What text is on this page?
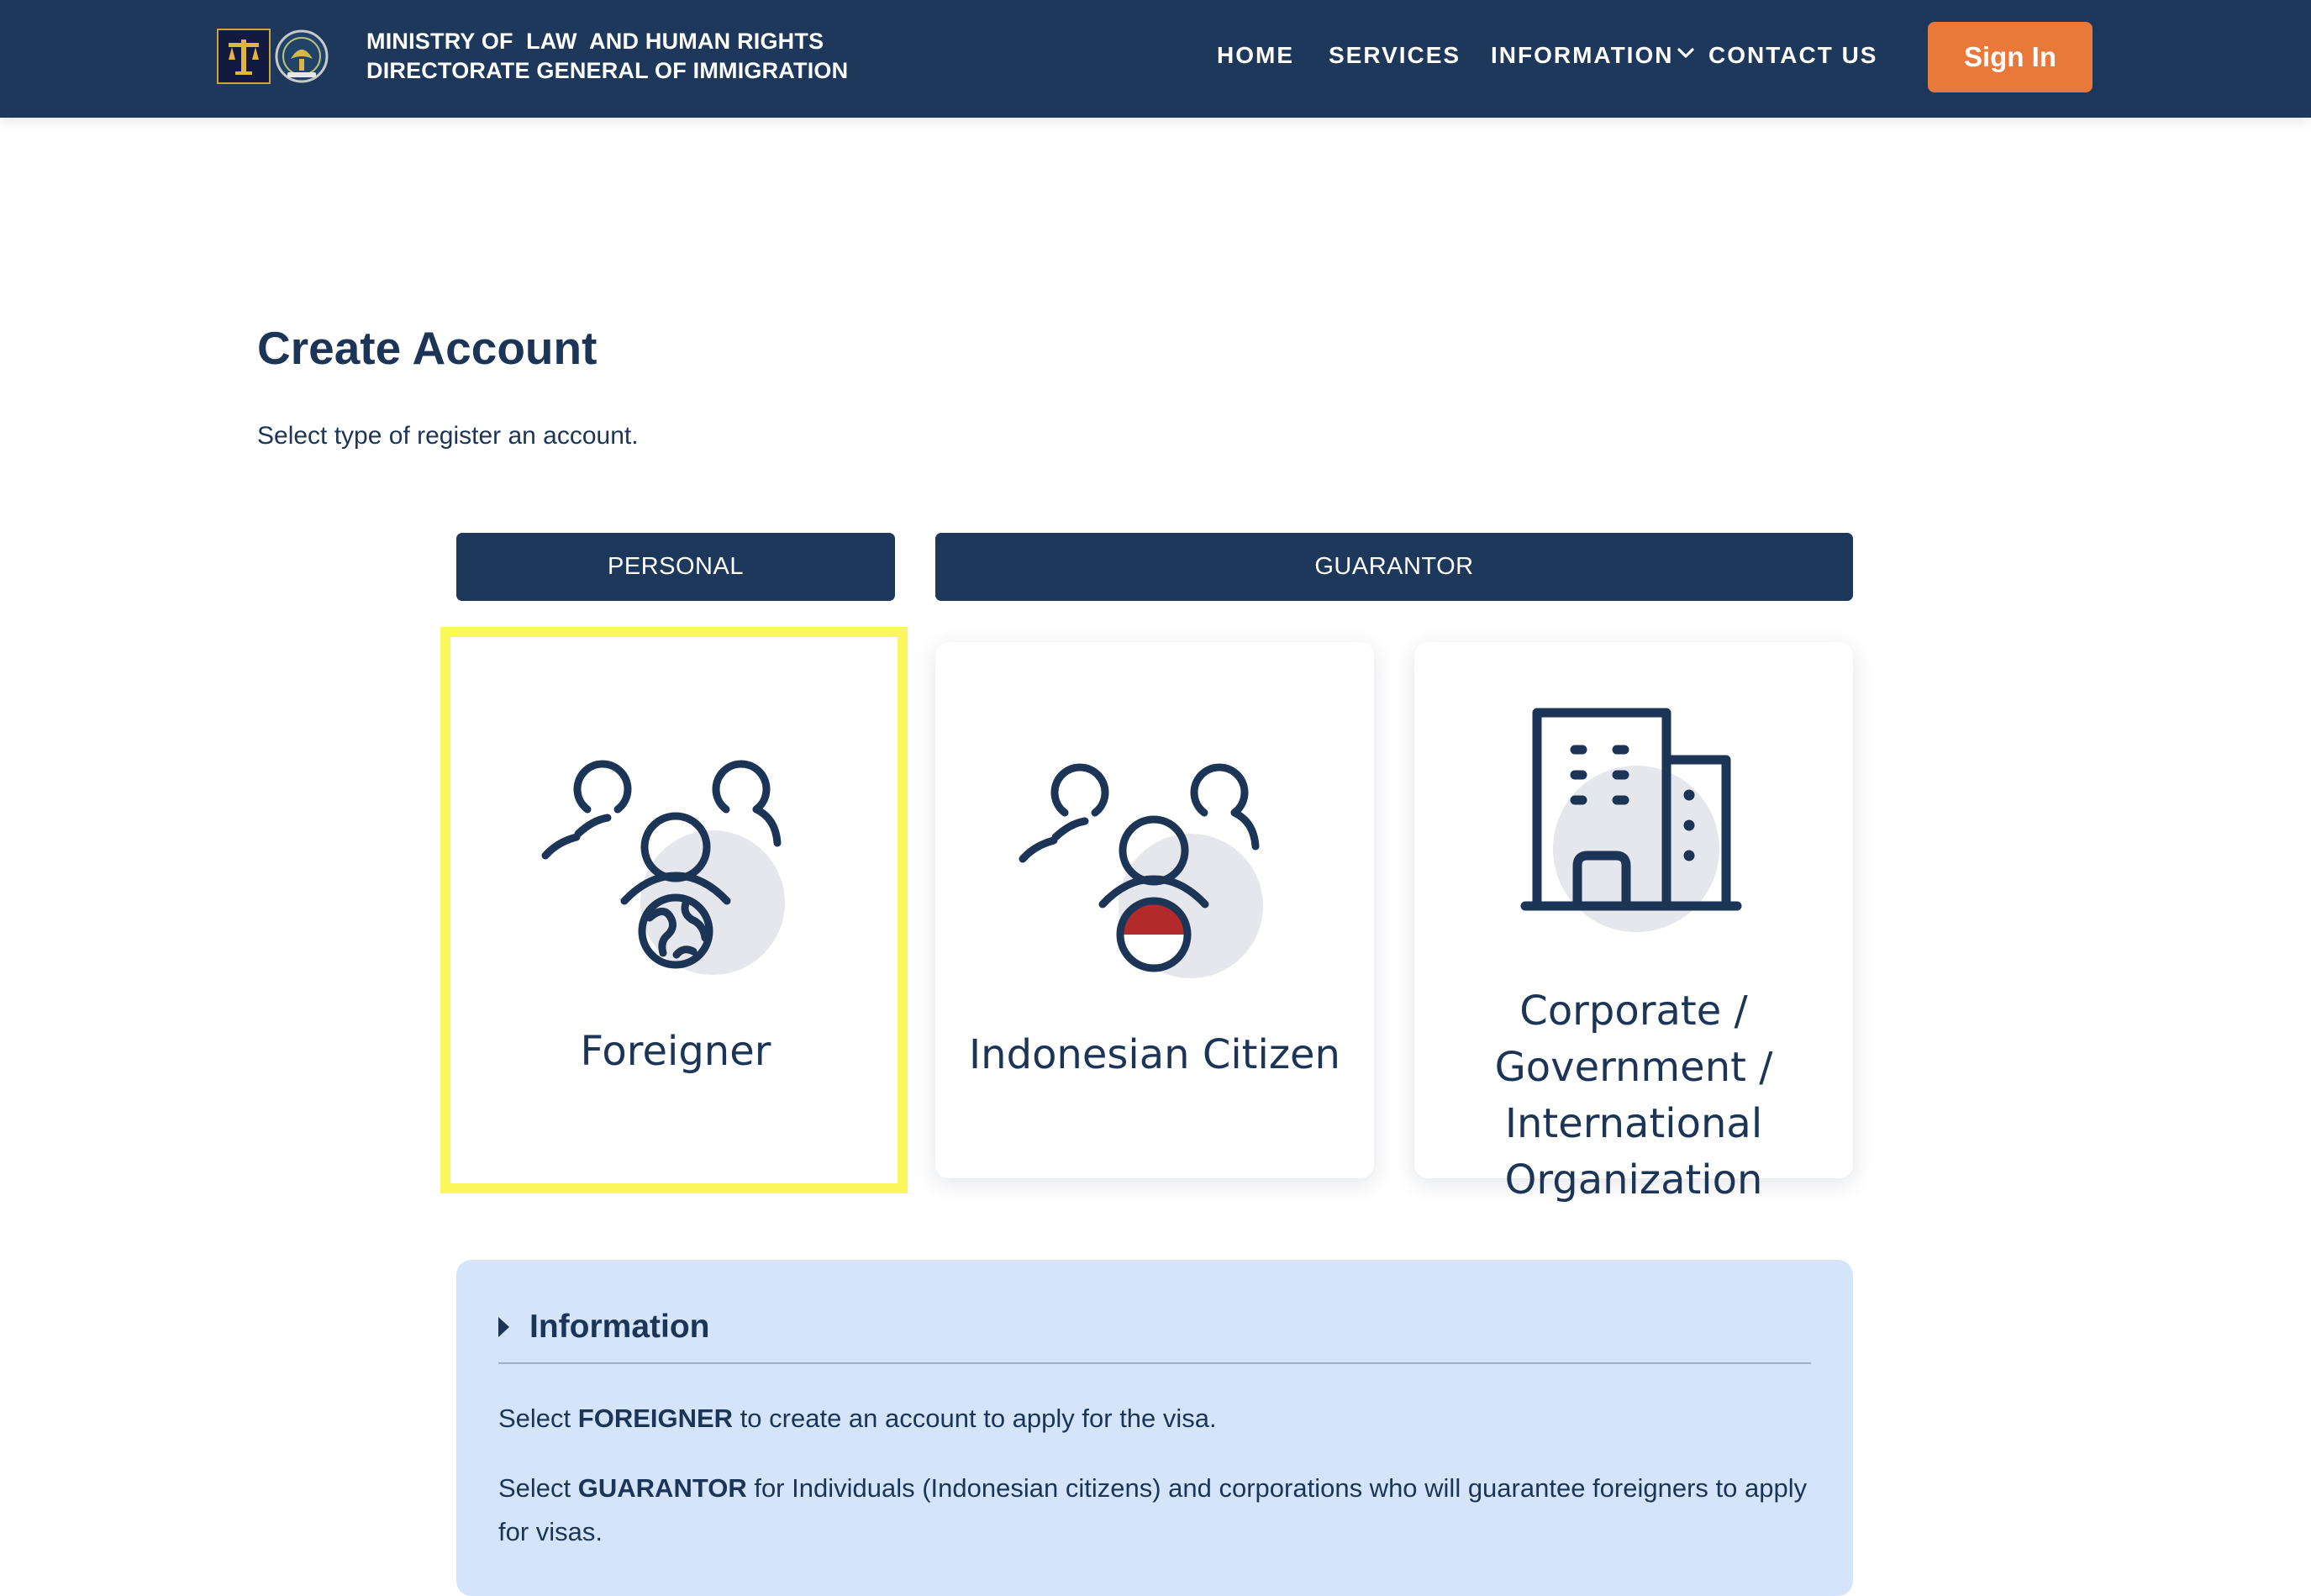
MINISTRY OF  LAW  AND HUMAN RIGHTS
DIRECTORATE GENERAL OF IMMIGRATION
HOME SERVICES INFORMATION CONTACT US	Sign In
Create Account

Select type of register an account.

PERSONAL	GUARANTOR
Foreigner	Indonesian Citizen
Corporate /
Government /
International
Organization
Information

Select FOREIGNER to create an account to apply for the visa.

Select GUARANTOR for Individuals (Indonesian citizens) and corporations who will guarantee foreigners to apply for visas.
